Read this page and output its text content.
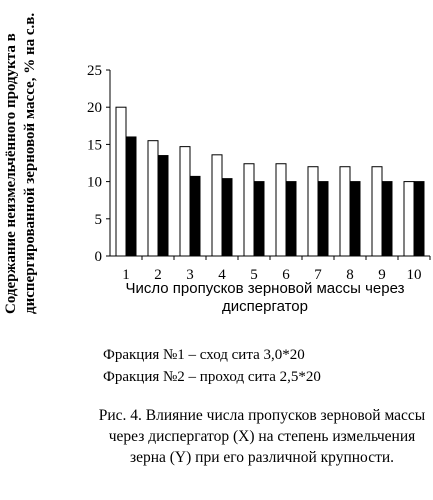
Содержание неизмельчённого продукта в диспергированной зерновой массе, % на с.в.	0
5
10
15
20
25
1 2 3 4 5 6 7 8 9 10
Число пропусков зерновой массы через диспергатор
Фракция №1 – сход сита 3,0*20
Фракция №2 – проход сита 2,5*20
Рис. 4. Влияние числа пропусков зерновой массы через диспергатор (X) на степень измельчения зерна (Y) при его различной крупности.
